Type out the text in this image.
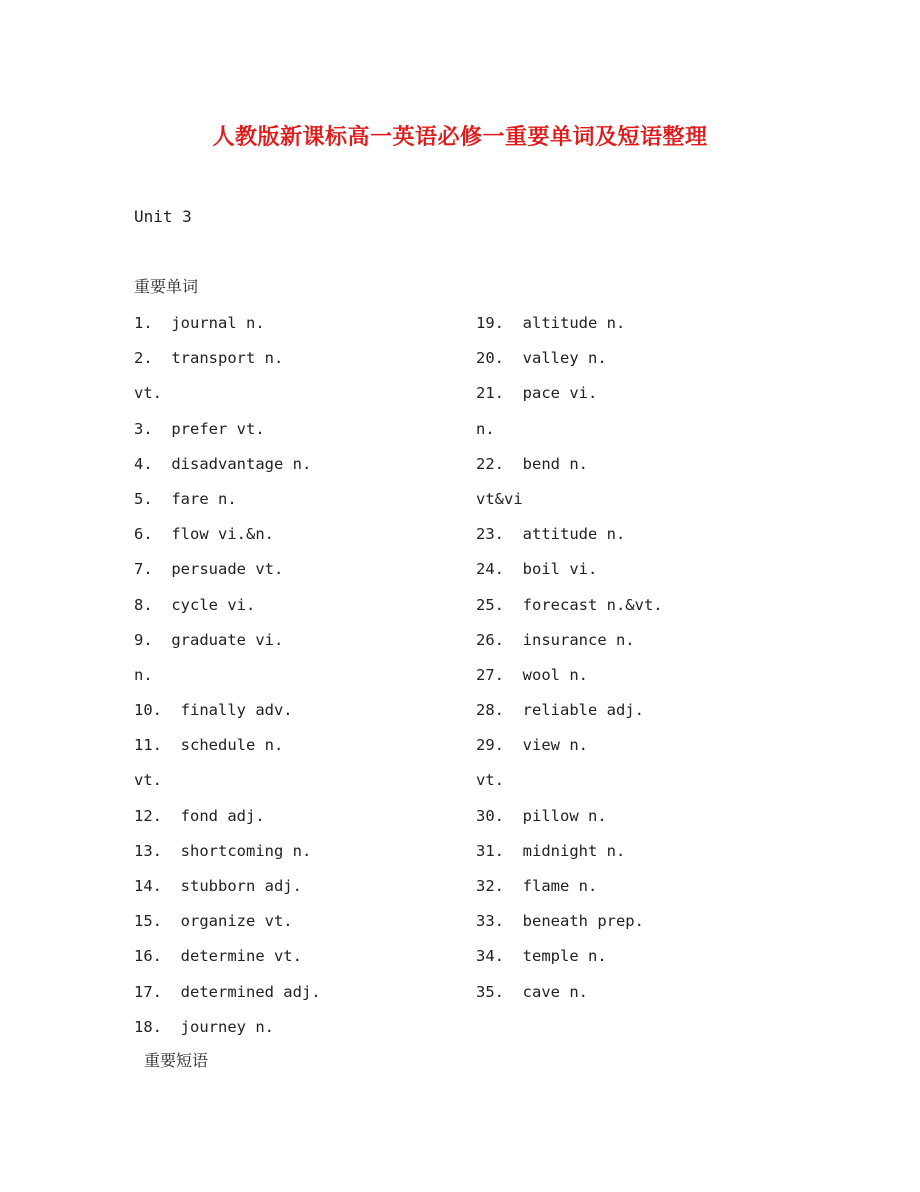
人教版新课标高一英语必修一重要单词及短语整理
Unit 3
重要单词
1.  journal n.
2.  transport n.
vt.
3.  prefer vt.
4.  disadvantage n.
5.  fare n.
6.  flow vi.&n.
7.  persuade vt.
8.  cycle vi.
9.  graduate vi.
n.
10.  finally adv.
11.  schedule n.
vt.
12.  fond adj.
13.  shortcoming n.
14.  stubborn adj.
15.  organize vt.
16.  determine vt.
17.  determined adj.
18.  journey n.
19.  altitude n.
20.  valley n.
21.  pace vi.
n.
22.  bend n.
vt&vi
23.  attitude n.
24.  boil vi.
25.  forecast n.&vt.
26.  insurance n.
27.  wool n.
28.  reliable adj.
29.  view n.
vt.
30.  pillow n.
31.  midnight n.
32.  flame n.
33.  beneath prep.
34.  temple n.
35.  cave n.
重要短语
